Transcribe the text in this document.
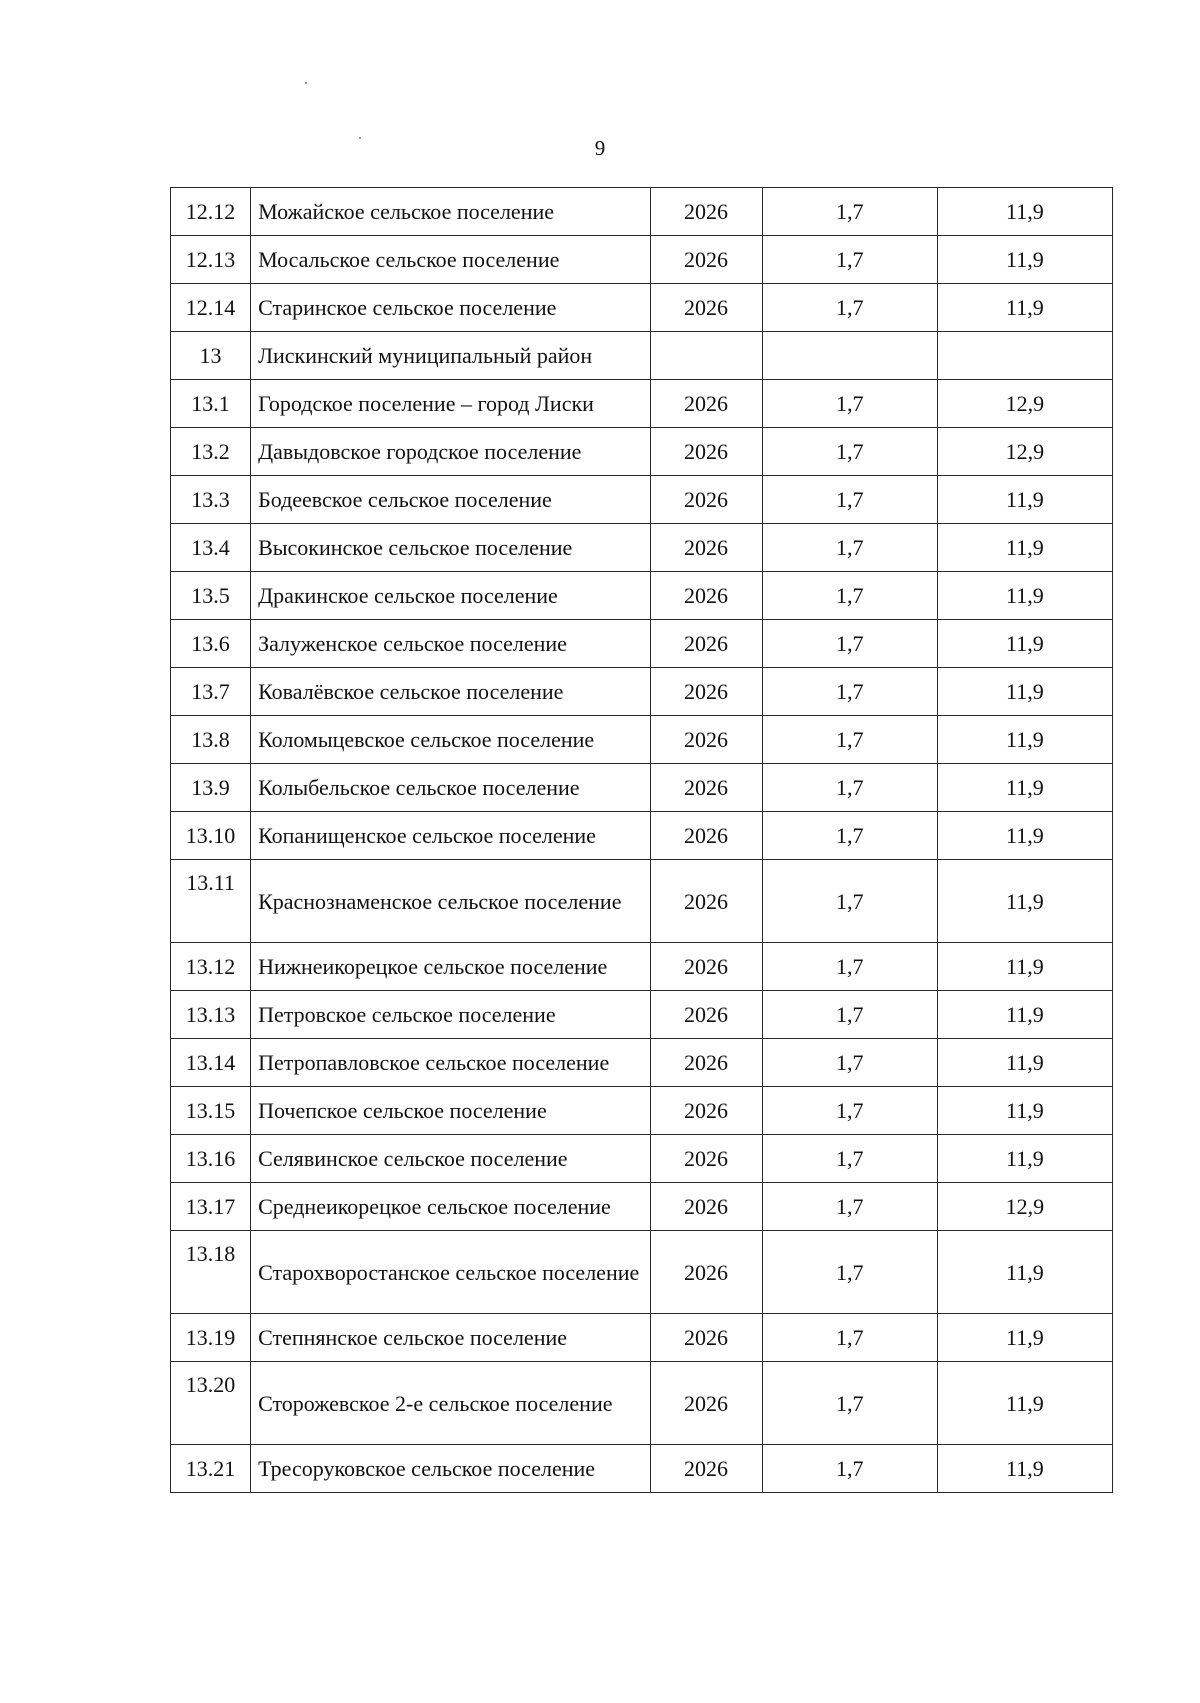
9
12.12	Можайское сельское поселение	2026	1,7	11,9
12.13	Мосальское сельское поселение	2026	1,7	11,9
12.14	Старинское сельское поселение	2026	1,7	11,9
13	Лискинский муниципальный район			
13.1	Городское поселение – город Лиски	2026	1,7	12,9
13.2	Давыдовское городское поселение	2026	1,7	12,9
13.3	Бодеевское сельское поселение	2026	1,7	11,9
13.4	Высокинское сельское поселение	2026	1,7	11,9
13.5	Дракинское сельское поселение	2026	1,7	11,9
13.6	Залуженское сельское поселение	2026	1,7	11,9
13.7	Ковалёвское сельское поселение	2026	1,7	11,9
13.8	Коломыцевское сельское поселение	2026	1,7	11,9
13.9	Колыбельское сельское поселение	2026	1,7	11,9
13.10	Копанищенское сельское поселение	2026	1,7	11,9
13.11	Краснознаменское сельское поселение	2026	1,7	11,9
13.12	Нижнеикорецкое сельское поселение	2026	1,7	11,9
13.13	Петровское сельское поселение	2026	1,7	11,9
13.14	Петропавловское сельское поселение	2026	1,7	11,9
13.15	Почепское сельское поселение	2026	1,7	11,9
13.16	Селявинское сельское поселение	2026	1,7	11,9
13.17	Среднеикорецкое сельское поселение	2026	1,7	12,9
13.18	Старохворостанское сельское поселение	2026	1,7	11,9
13.19	Степнянское сельское поселение	2026	1,7	11,9
13.20	Сторожевское 2-е сельское поселение	2026	1,7	11,9
13.21	Тресоруковское сельское поселение	2026	1,7	11,9
